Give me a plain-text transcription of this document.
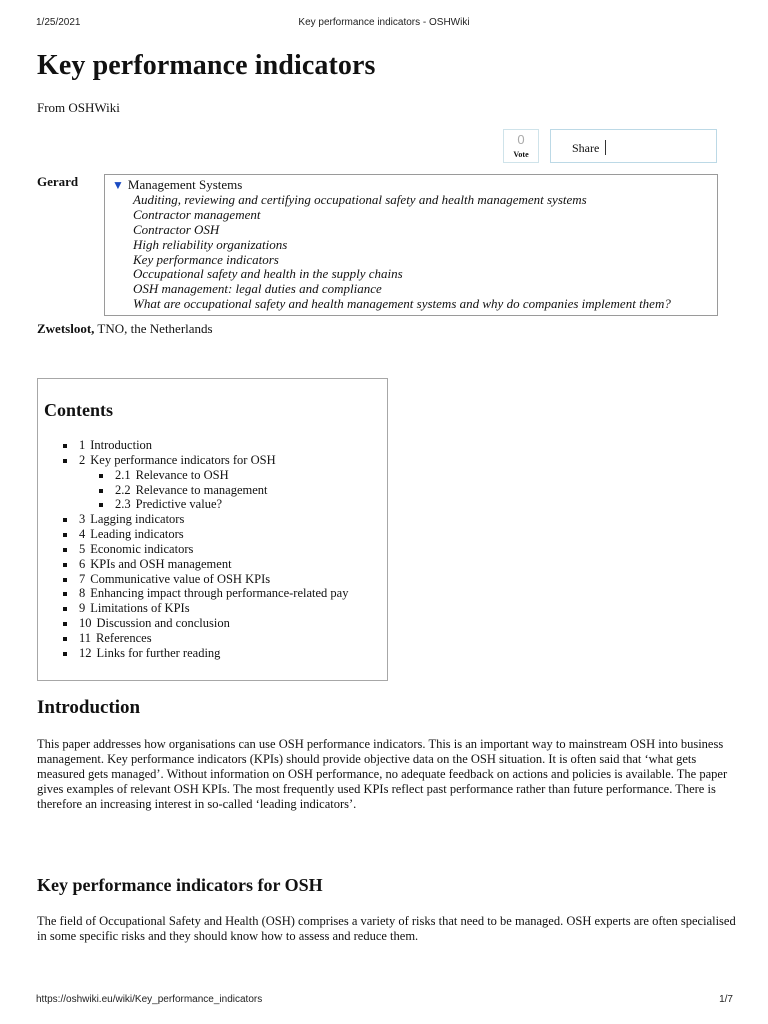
1/25/2021	Key performance indicators - OSHWiki
Key performance indicators
From OSHWiki
0
Vote	Share
Gerard	▼ Management Systems
Auditing, reviewing and certifying occupational safety and health management systems
Contractor management
Contractor OSH
High reliability organizations
Key performance indicators
Occupational safety and health in the supply chains
OSH management: legal duties and compliance
What are occupational safety and health management systems and why do companies implement them?
Zwetsloot, TNO, the Netherlands
Contents
1 Introduction
2 Key performance indicators for OSH
2.1 Relevance to OSH
2.2 Relevance to management
2.3 Predictive value?
3 Lagging indicators
4 Leading indicators
5 Economic indicators
6 KPIs and OSH management
7 Communicative value of OSH KPIs
8 Enhancing impact through performance-related pay
9 Limitations of KPIs
10 Discussion and conclusion
11 References
12 Links for further reading
Introduction

This paper addresses how organisations can use OSH performance indicators. This is an important way to mainstream OSH into business management. Key performance indicators (KPIs) should provide objective data on the OSH situation. It is often said that ‘what gets measured gets managed’. Without information on OSH performance, no adequate feedback on actions and policies is available. The paper gives examples of relevant OSH KPIs. The most frequently used KPIs reflect past performance rather than future performance. There is therefore an increasing interest in so-called ‘leading indicators’.

Key performance indicators for OSH

The field of Occupational Safety and Health (OSH) comprises a variety of risks that need to be managed. OSH experts are often specialised in some specific risks and they should know how to assess and reduce them.

https://oshwiki.eu/wiki/Key_performance_indicators	1/7
